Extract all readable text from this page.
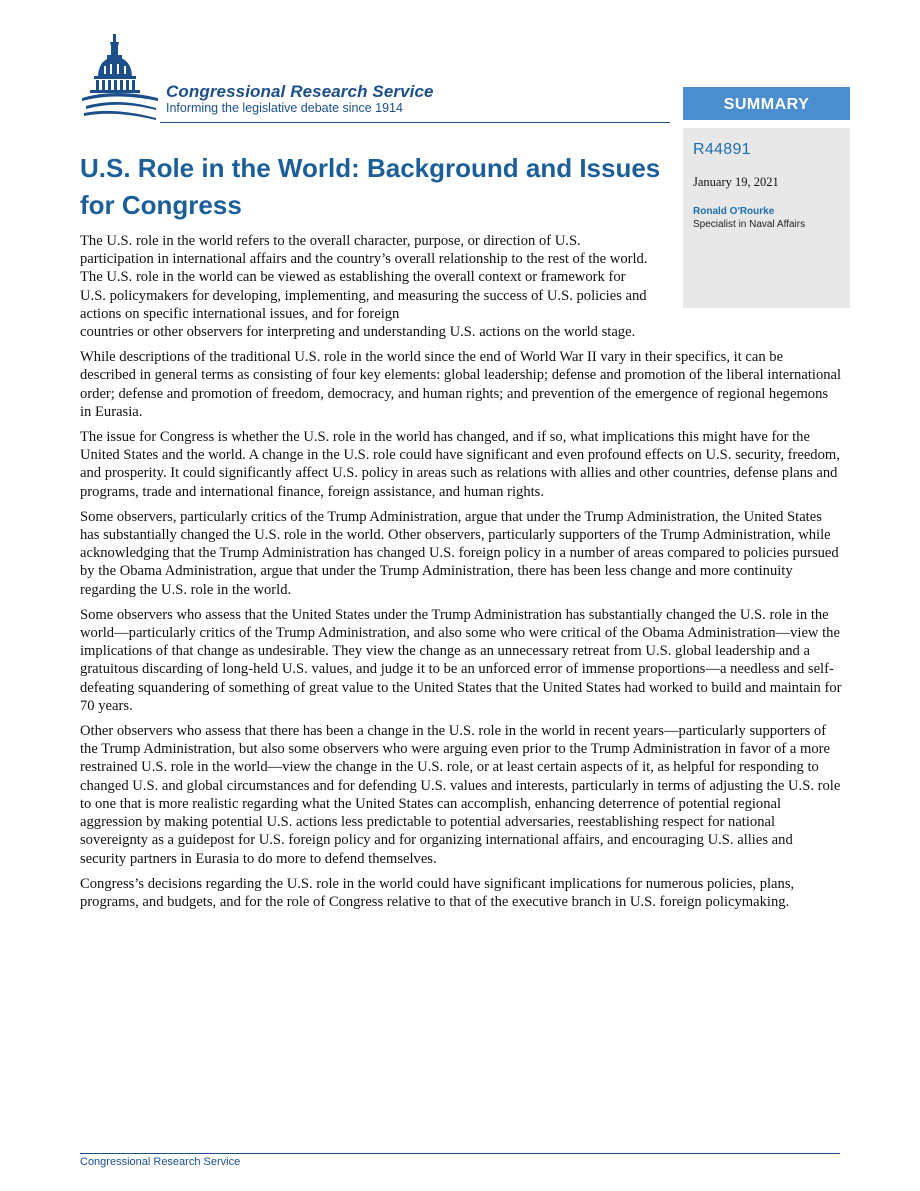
Congressional Research Service
Informing the legislative debate since 1914	SUMMARY
R44891
January 19, 2021
Ronald O'Rourke
Specialist in Naval Affairs
U.S. Role in the World: Background and Issues for Congress

The U.S. role in the world refers to the overall character, purpose, or direction of U.S. participation in international affairs and the country’s overall relationship to the rest of the world. The U.S. role in the world can be viewed as establishing the overall context or framework for U.S. policymakers for developing, implementing, and measuring the success of U.S. policies and actions on specific international issues, and for foreign
countries or other observers for interpreting and understanding U.S. actions on the world stage.

While descriptions of the traditional U.S. role in the world since the end of World War II vary in their specifics, it can be described in general terms as consisting of four key elements: global leadership; defense and promotion of the liberal international order; defense and promotion of freedom, democracy, and human rights; and prevention of the emergence of regional hegemons in Eurasia.

The issue for Congress is whether the U.S. role in the world has changed, and if so, what implications this might have for the United States and the world. A change in the U.S. role could have significant and even profound effects on U.S. security, freedom, and prosperity. It could significantly affect U.S. policy in areas such as relations with allies and other countries, defense plans and programs, trade and international finance, foreign assistance, and human rights.

Some observers, particularly critics of the Trump Administration, argue that under the Trump Administration, the United States has substantially changed the U.S. role in the world. Other observers, particularly supporters of the Trump Administration, while acknowledging that the Trump Administration has changed U.S. foreign policy in a number of areas compared to policies pursued by the Obama Administration, argue that under the Trump Administration, there has been less change and more continuity regarding the U.S. role in the world.

Some observers who assess that the United States under the Trump Administration has substantially changed the U.S. role in the world—particularly critics of the Trump Administration, and also some who were critical of the Obama Administration—view the implications of that change as undesirable. They view the change as an unnecessary retreat from U.S. global leadership and a gratuitous discarding of long-held U.S. values, and judge it to be an unforced error of immense proportions—a needless and self-defeating squandering of something of great value to the United States that the United States had worked to build and maintain for 70 years.

Other observers who assess that there has been a change in the U.S. role in the world in recent years—particularly supporters of the Trump Administration, but also some observers who were arguing even prior to the Trump Administration in favor of a more restrained U.S. role in the world—view the change in the U.S. role, or at least certain aspects of it, as helpful for responding to changed U.S. and global circumstances and for defending U.S. values and interests, particularly in terms of adjusting the U.S. role to one that is more realistic regarding what the United States can accomplish, enhancing deterrence of potential regional aggression by making potential U.S. actions less predictable to potential adversaries, reestablishing respect for national sovereignty as a guidepost for U.S. foreign policy and for organizing international affairs, and encouraging U.S. allies and security partners in Eurasia to do more to defend themselves.

Congress’s decisions regarding the U.S. role in the world could have significant implications for numerous policies, plans, programs, and budgets, and for the role of Congress relative to that of the executive branch in U.S. foreign policymaking.

Congressional Research Service
